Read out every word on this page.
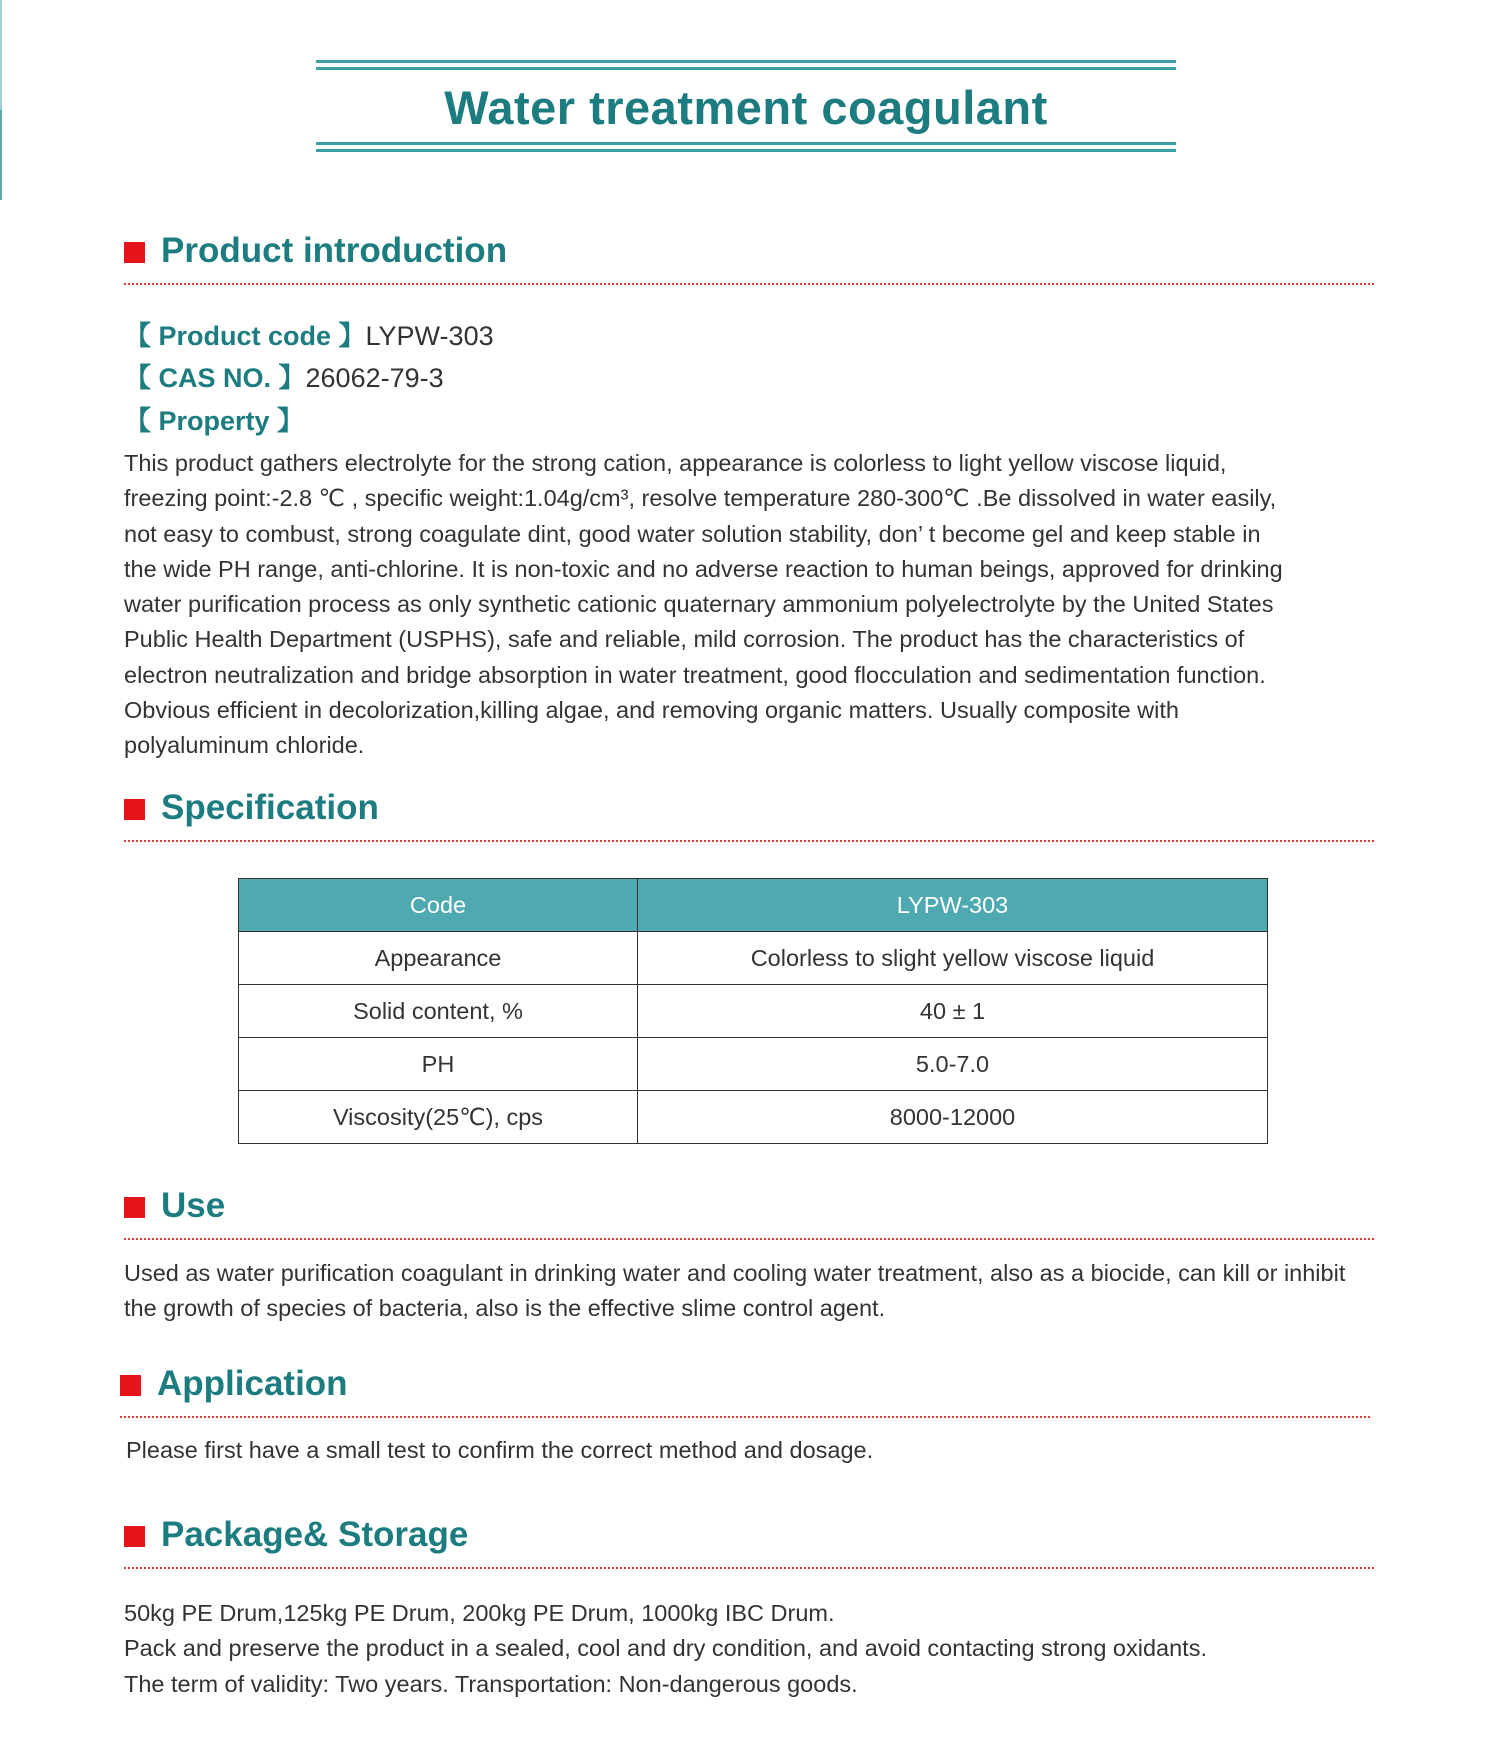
Water treatment coagulant
Product introduction
【 Product code 】LYPW-303
【 CAS NO. 】26062-79-3
【 Property 】
This product gathers electrolyte for the strong cation, appearance is colorless to light yellow viscose liquid,
freezing point:-2.8 ℃ , specific weight:1.04g/cm³, resolve temperature 280-300℃ .Be dissolved in water easily,
not easy to combust, strong coagulate dint, good water solution stability, don’ t become gel and keep stable in
the wide PH range, anti-chlorine. It is non-toxic and no adverse reaction to human beings, approved for drinking
water purification process as only synthetic cationic quaternary ammonium polyelectrolyte by the United States
Public Health Department (USPHS), safe and reliable, mild corrosion. The product has the characteristics of
electron neutralization and bridge absorption in water treatment, good flocculation and sedimentation function.
Obvious efficient in decolorization,killing algae, and removing organic matters. Usually composite with
polyaluminum chloride.
Specification
Code	LYPW-303
Appearance	Colorless to slight yellow viscose liquid
Solid content, %	40 ± 1
PH	5.0-7.0
Viscosity(25℃), cps	8000-12000
Use
Used as water purification coagulant in drinking water and cooling water treatment, also as a biocide, can kill or inhibit
the growth of species of bacteria, also is the effective slime control agent.
Application
Please first have a small test to confirm the correct method and dosage.
Package& Storage
50kg PE Drum,125kg PE Drum, 200kg PE Drum, 1000kg IBC Drum.
Pack and preserve the product in a sealed, cool and dry condition, and avoid contacting strong oxidants.
The term of validity: Two years. Transportation: Non-dangerous goods.
